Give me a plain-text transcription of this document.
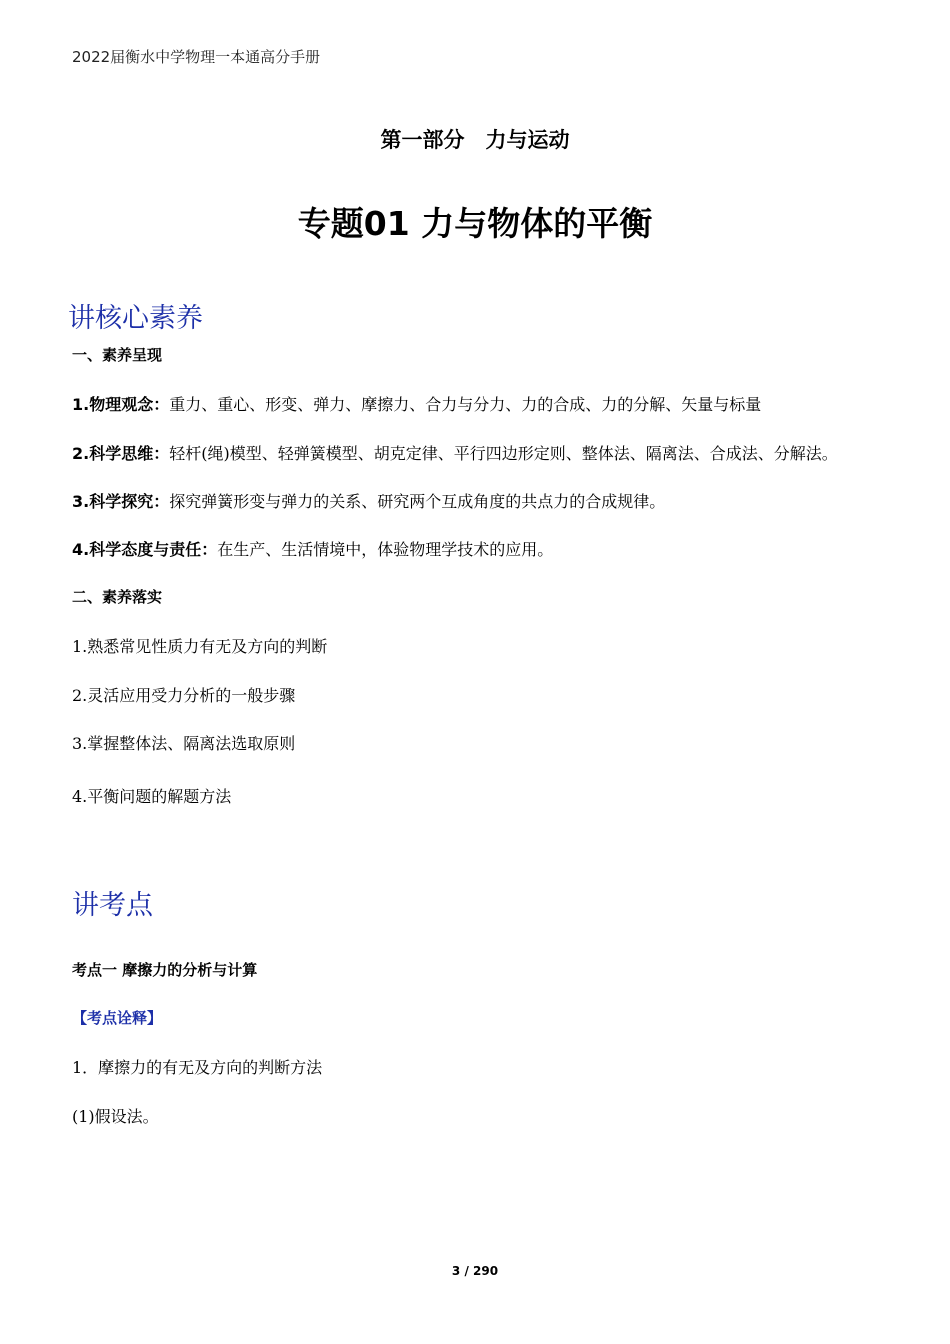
2022届衡水中学物理一本通高分手册
第一部分　力与运动
专题01 力与物体的平衡
讲核心素养
一、素养呈现
1.物理观念：重力、重心、形变、弹力、摩擦力、合力与分力、力的合成、力的分解、矢量与标量
2.科学思维：轻杆(绳)模型、轻弹簧模型、胡克定律、平行四边形定则、整体法、隔离法、合成法、分解法。
3.科学探究：探究弹簧形变与弹力的关系、研究两个互成角度的共点力的合成规律。
4.科学态度与责任：在生产、生活情境中，体验物理学技术的应用。
二、素养落实
1.熟悉常见性质力有无及方向的判断
2.灵活应用受力分析的一般步骤
3.掌握整体法、隔离法选取原则
4.平衡问题的解题方法
讲考点
考点一 摩擦力的分析与计算
【考点诠释】
1．摩擦力的有无及方向的判断方法
(1)假设法。
3 / 290
